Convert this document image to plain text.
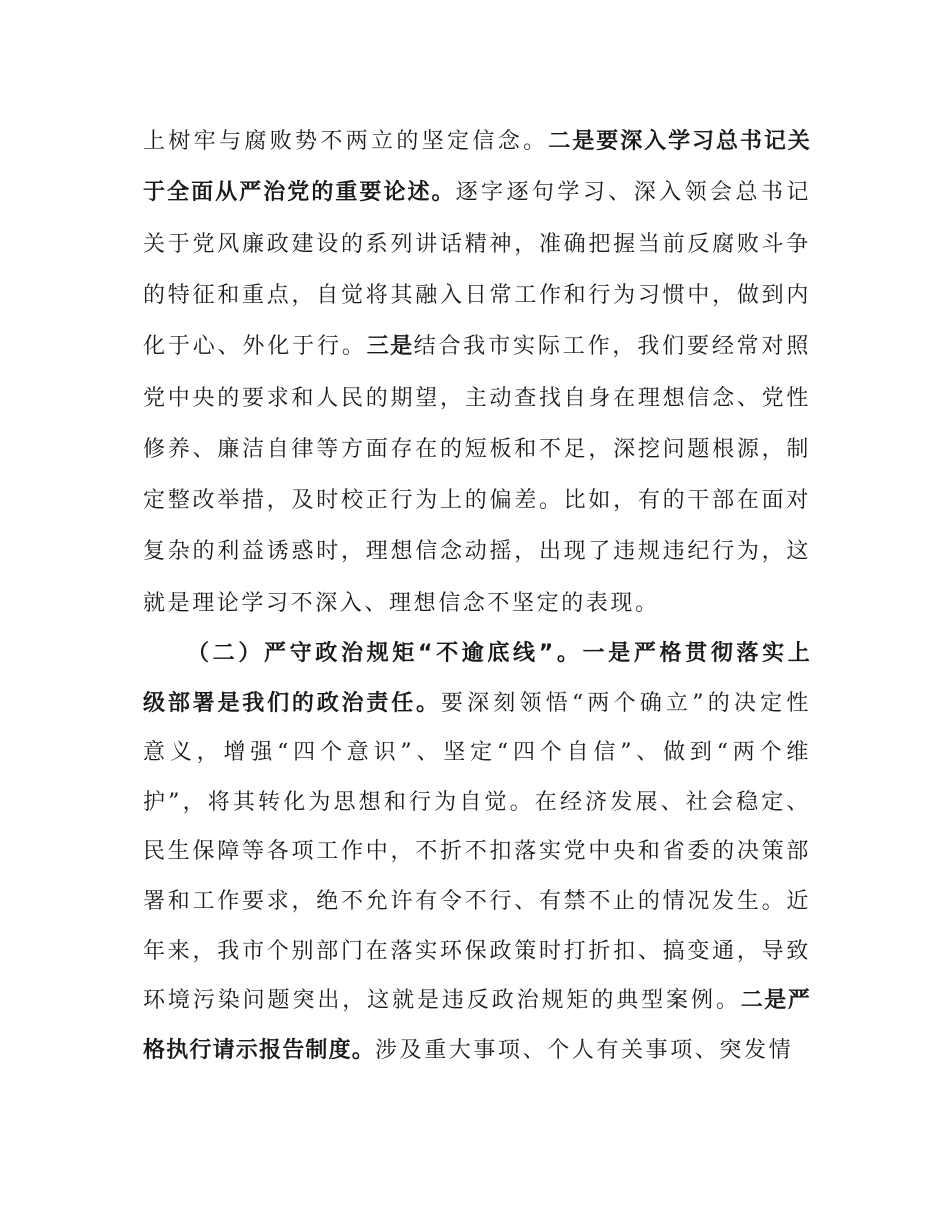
上树牢与腐败势不两立的坚定信念。二是要深入学习总书记关
于全面从严治党的重要论述。逐字逐句学习、深入领会总书记
关于党风廉政建设的系列讲话精神，准确把握当前反腐败斗争
的特征和重点，自觉将其融入日常工作和行为习惯中，做到内
化于心、外化于行。三是结合我市实际工作，我们要经常对照
党中央的要求和人民的期望，主动查找自身在理想信念、党性
修养、廉洁自律等方面存在的短板和不足，深挖问题根源，制
定整改举措，及时校正行为上的偏差。比如，有的干部在面对
复杂的利益诱惑时，理想信念动摇，出现了违规违纪行为，这
就是理论学习不深入、理想信念不坚定的表现。
（二）严守政治规矩“不逾底线”。一是严格贯彻落实上
级部署是我们的政治责任。要深刻领悟“两个确立”的决定性
意义，增强“四个意识”、坚定“四个自信”、做到“两个维
护”，将其转化为思想和行为自觉。在经济发展、社会稳定、
民生保障等各项工作中，不折不扣落实党中央和省委的决策部
署和工作要求，绝不允许有令不行、有禁不止的情况发生。近
年来，我市个别部门在落实环保政策时打折扣、搞变通，导致
环境污染问题突出，这就是违反政治规矩的典型案例。二是严
格执行请示报告制度。涉及重大事项、个人有关事项、突发情
